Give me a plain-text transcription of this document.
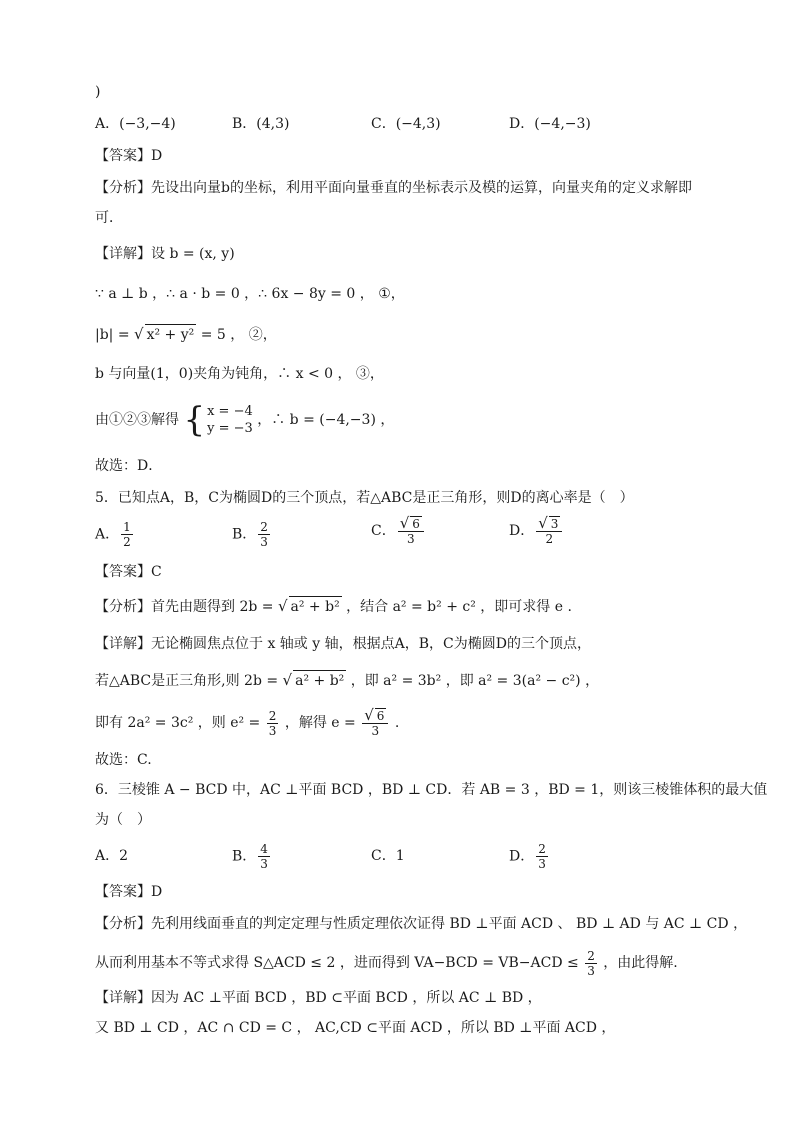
)
A．(−3,−4)	B．(4,3)	C．(−4,3)	D．(−4,−3)
【答案】D
【分析】先设出向量b的坐标，利用平面向量垂直的坐标表示及模的运算，向量夹角的定义求解即
可．
【详解】设 b = (x, y)
∵ a ⊥ b ，∴ a · b = 0 ，∴ 6x − 8y = 0 ， ①，
|b| = √ x² + y² = 5 ， ②，
b 与向量(1，0)夹角为钝角，∴ x < 0 ， ③，
由①②③解得 { x = −4
y = −3
，∴ b = (−4,−3) ，
故选：D．
5．已知点A，B，C为椭圆D的三个顶点，若△ABC是正三角形，则D的离心率是（　）
A． $\frac{1}{2}$	B． $\frac{2}{3}$	C． $\frac{√ 6}{3}$	D． $\frac{√ 3}{2}$
【答案】C
【分析】首先由题得到 2b = √ a² + b² ，结合 a² = b² + c² ，即可求得 e .
【详解】无论椭圆焦点位于 x 轴或 y 轴，根据点A，B，C为椭圆D的三个顶点，
若△ABC是正三角形,则 2b = √ a² + b² ，即 a² = 3b² ，即 a² = 3(a² − c²) ，
即有 2a² = 3c² ，则 $e^2 = \frac{2}{3}$ ，解得 $e = \frac{√ 6}{3}$ .
故选：C.
6．三棱锥 A − BCD 中，AC ⊥平面 BCD ，BD ⊥ CD．若 AB = 3 ，BD = 1，则该三棱锥体积的最大值
为（　）
A．2	B． $\frac{4}{3}$	C．1	D． $\frac{2}{3}$
【答案】D
【分析】先利用线面垂直的判定定理与性质定理依次证得 BD ⊥平面 ACD 、 BD ⊥ AD 与 AC ⊥ CD ，
从而利用基本不等式求得 S△ACD ≤ 2 ，进而得到 $VA-BCD = VB-ACD \le \frac{2}{3}$ ，由此得解.
【详解】因为 AC ⊥平面 BCD ，BD ⊂平面 BCD ，所以 AC ⊥ BD ，
又 BD ⊥ CD ，AC ∩ CD = C ， AC,CD ⊂平面 ACD ，所以 BD ⊥平面 ACD ，
